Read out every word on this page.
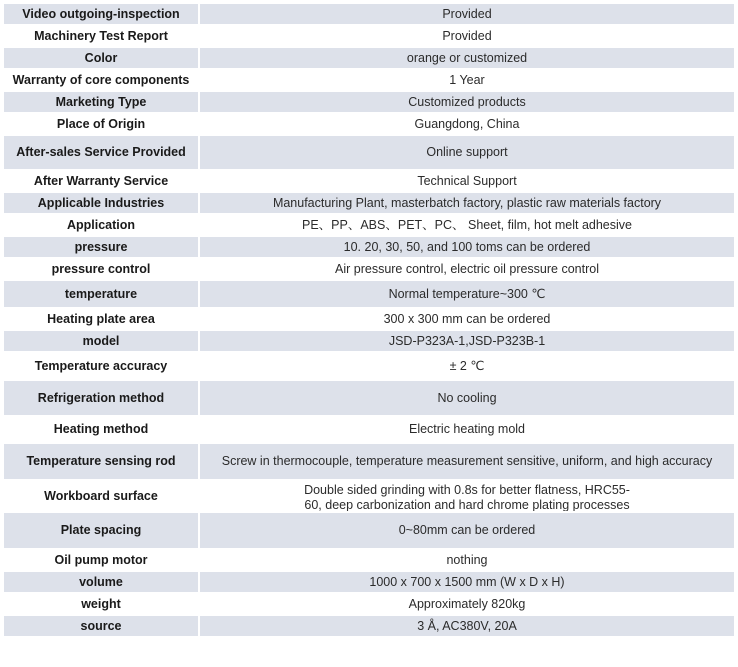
Video outgoing-inspection	Provided
Machinery Test Report	Provided
Color	orange or customized
Warranty of core components	1 Year
Marketing Type	Customized products
Place of Origin	Guangdong, China
After-sales Service Provided	Online support
After Warranty Service	Technical Support
Applicable Industries	Manufacturing Plant, masterbatch factory, plastic raw materials factory
Application	PE、PP、ABS、PET、PC、 Sheet, film, hot melt adhesive
pressure	10. 20, 30, 50, and 100 toms can be ordered
pressure control	Air pressure control, electric oil pressure control
temperature	Normal temperature~300 ℃
Heating plate area	300 x 300 mm can be ordered
model	JSD-P323A-1,JSD-P323B-1
Temperature accuracy	± 2 ℃
Refrigeration method	No cooling
Heating method	Electric heating mold
Temperature sensing rod	Screw in thermocouple, temperature measurement sensitive, uniform, and high accuracy
Workboard surface	Double sided grinding with 0.8s for better flatness, HRC55-
60, deep carbonization and hard chrome plating processes

Plate spacing	0~80mm can be ordered
Oil pump motor	nothing
volume	1000 x 700 x 1500 mm (W x D x H)
weight	Approximately 820kg
source	3 Å, AC380V, 20A
